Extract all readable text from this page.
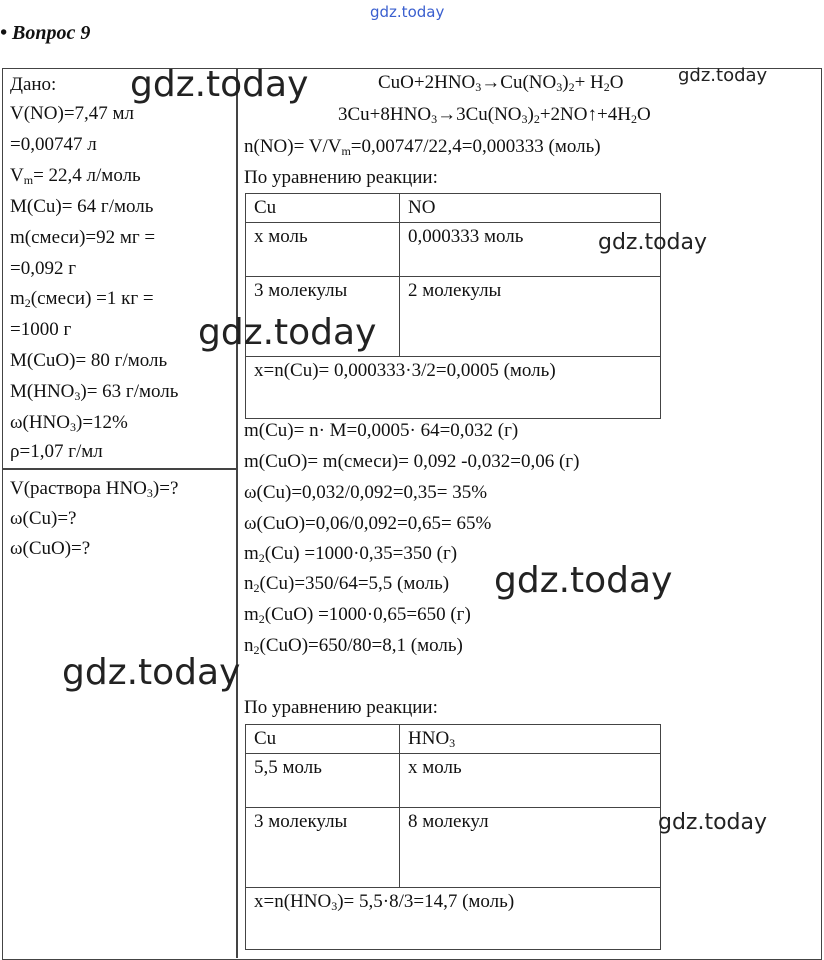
gdz.today
• Вопрос 9
Дано:
V(NO)=7,47 мл
=0,00747 л
$V_m= 22,4$ л/моль
M(Cu)= 64 г/моль
m(смеси)=92 мг =
=0,092 г
$m_2(смеси) =1$ кг =
=1000 г
M(CuO)= 80 г/моль
$M(HNO_3)= 63$ г/моль
$\omega(HNO_3)=12\%$
ρ=1,07 г/мл
V(раствора $HNO_3)=$?
ω(Cu)=?
ω(CuO)=?
$CuO+2HNO_3\to Cu(NO_3)_2+ H_2O$
$3Cu+8HNO_3\to 3Cu(NO_3)_2+2NO↑+4H_2O$
$n(NO)= V/V_m=0,00747/22,4=0,000333$ (моль)
По уравнению реакции:
Cu	NO
х моль	0,000333 моль
3 молекулы	2 молекулы
x=n(Cu)= 0,000333·3/2=0,0005 (моль)	
m(Cu)= n· M=0,0005· 64=0,032 (г)
m(CuO)= m(смеси)= 0,092 -0,032=0,06 (г)
ω(Cu)=0,032/0,092=0,35= 35%
ω(CuO)=0,06/0,092=0,65= 65%
$m_2(Cu) =1000\cdot 0,35=350$ (г)
$n_2(Cu)=350/64=5,5$ (моль)
$m_2(CuO) =1000\cdot 0,65=650$ (г)
$n_2(CuO)=650/80=8,1$ (моль)
По уравнению реакции:
Cu	$HNO_3$
5,5 моль	х моль
3 молекулы	8 молекул
$x=n(HNO_3)= 5,5\cdot 8/3=14,7$ (моль)	
gdz.today	gdz.today
gdz.today
gdz.today
gdz.today
gdz.today
gdz.today
